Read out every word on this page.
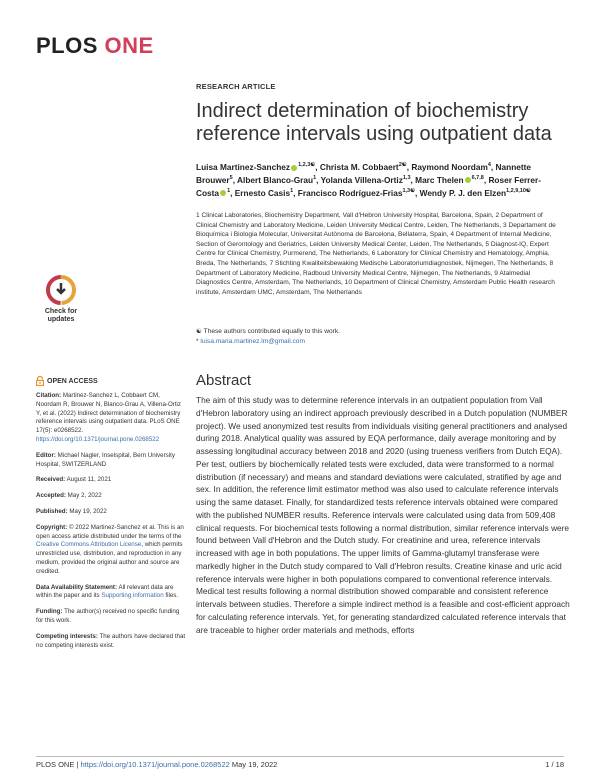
PLOS ONE
RESEARCH ARTICLE
Indirect determination of biochemistry reference intervals using outpatient data
Luisa Martinez-Sanchez $^{1,2,3☯}$, Christa M. Cobbaert$^{2☯}$, Raymond Noordam$^4$, Nannette Brouwer$^5$, Albert Blanco-Grau$^1$, Yolanda Villena-Ortiz$^{1,3}$, Marc Thelen $^{6,7,8}$, Roser Ferrer-Costa $^1$, Ernesto Casis$^1$, Francisco Rodríguez-Frias$^{1,3☯}$, Wendy P. J. den Elzen$^{1,2,9,10☯}$
1 Clinical Laboratories, Biochemistry Department, Vall d'Hebron University Hospital, Barcelona, Spain, 2 Department of Clinical Chemistry and Laboratory Medicine, Leiden University Medical Centre, Leiden, The Netherlands, 3 Departament de Bioquímica i Biologia Molecular, Universitat Autònoma de Barcelona, Bellaterra, Spain, 4 Department of Internal Medicine, Section of Gerontology and Geriatrics, Leiden University Medical Center, Leiden, The Netherlands, 5 Diagnost-IQ, Expert Centre for Clinical Chemistry, Purmerend, The Netherlands, 6 Laboratory for Clinical Chemistry and Hematology, Amphia, Breda, The Netherlands, 7 Stichting Kwaliteitsbewaking Medische Laboratoriumdiagnostiek, Nijmegen, The Netherlands, 8 Department of Laboratory Medicine, Radboud University Medical Centre, Nijmegen, The Netherlands, 9 Atalmedial Diagnostics Centre, Amsterdam, The Netherlands, 10 Department of Clinical Chemistry, Amsterdam Public Health research institute, Amsterdam UMC, Amsterdam, The Netherlands
☯ These authors contributed equally to this work.
* luisa.maria.martinez.lm@gmail.com
Check for
updates
OPEN ACCESS

Citation: Martinez-Sanchez L, Cobbaert CM, Noordam R, Brouwer N, Blanco-Grau A, Villena-Ortiz Y, et al. (2022) Indirect determination of biochemistry reference intervals using outpatient data. PLoS ONE 17(5): e0268522. https://doi.org/10.1371/journal.pone.0268522

Editor: Michael Nagler, Inselspital, Bern University Hospital, SWITZERLAND

Received: August 11, 2021

Accepted: May 2, 2022

Published: May 19, 2022

Copyright: © 2022 Martinez-Sanchez et al. This is an open access article distributed under the terms of the Creative Commons Attribution License, which permits unrestricted use, distribution, and reproduction in any medium, provided the original author and source are credited.

Data Availability Statement: All relevant data are within the paper and its Supporting information files.

Funding: The author(s) received no specific funding for this work.

Competing interests: The authors have declared that no competing interests exist.

Abstract

The aim of this study was to determine reference intervals in an outpatient population from Vall d'Hebron laboratory using an indirect approach previously described in a Dutch population (NUMBER project). We used anonymized test results from individuals visiting general practitioners and analysed during 2018. Analytical quality was assured by EQA performance, daily average monitoring and by assessing longitudinal accuracy between 2018 and 2020 (using trueness verifiers from Dutch EQA). Per test, outliers by biochemically related tests were excluded, data were transformed to a normal distribution (if necessary) and means and standard deviations were calculated, stratified by age and sex. In addition, the reference limit estimator method was also used to calculate reference intervals using the same dataset. Finally, for standardized tests reference intervals obtained were compared with the published NUMBER results. Reference intervals were calculated using data from 509,408 clinical requests. For biochemical tests following a normal distribution, similar reference intervals were found between Vall d'Hebron and the Dutch study. For creatinine and urea, reference intervals increased with age in both populations. The upper limits of Gamma-glutamyl transferase were markedly higher in the Dutch study compared to Vall d'Hebron results. Creatine kinase and uric acid reference intervals were higher in both populations compared to conventional reference intervals. Medical test results following a normal distribution showed comparable and consistent reference intervals between studies. Therefore a simple indirect method is a feasible and cost-efficient approach for calculating reference intervals. Yet, for generating standardized calculated reference intervals that are traceable to higher order materials and methods, efforts

PLOS ONE | https://doi.org/10.1371/journal.pone.0268522 May 19, 2022	1 / 18
